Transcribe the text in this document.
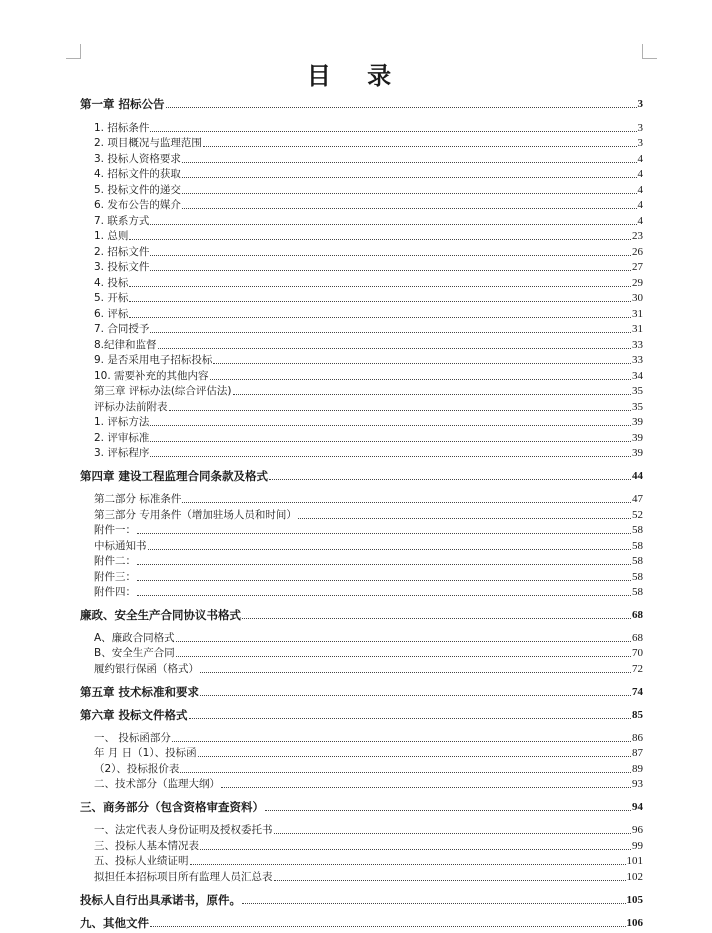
目 录
第一章 招标公告	3
1. 招标条件	3
2. 项目概况与监理范围	3
3. 投标人资格要求	4
4. 招标文件的获取	4
5. 投标文件的递交	4
6. 发布公告的媒介	4
7. 联系方式	4
1. 总则	23
2. 招标文件	26
3. 投标文件	27
4. 投标	29
5. 开标	30
6. 评标	31
7. 合同授予	31
8.纪律和监督	33
9. 是否采用电子招标投标	33
10. 需要补充的其他内容	34
第三章 评标办法(综合评估法)	35
评标办法前附表	35
1. 评标方法	39
2. 评审标准	39
3. 评标程序	39
第四章 建设工程监理合同条款及格式	44
第二部分 标准条件	47
第三部分 专用条件（增加驻场人员和时间）	52
附件一：	58
中标通知书	58
附件二：	58
附件三：	58
附件四：	58
廉政、安全生产合同协议书格式	68
A、廉政合同格式	68
B、安全生产合同	70
履约银行保函（格式）	72
第五章 技术标准和要求	74
第六章 投标文件格式	85
一、 投标函部分	86
年 月 日（1）、投标函	87
（2）、投标报价表	89
二、技术部分（监理大纲）	93
三、商务部分（包含资格审查资料）	94
一、法定代表人身份证明及授权委托书	96
三、投标人基本情况表	99
五、投标人业绩证明	101
拟担任本招标项目所有监理人员汇总表	102
投标人自行出具承诺书，原件。	105
九、其他文件	106
